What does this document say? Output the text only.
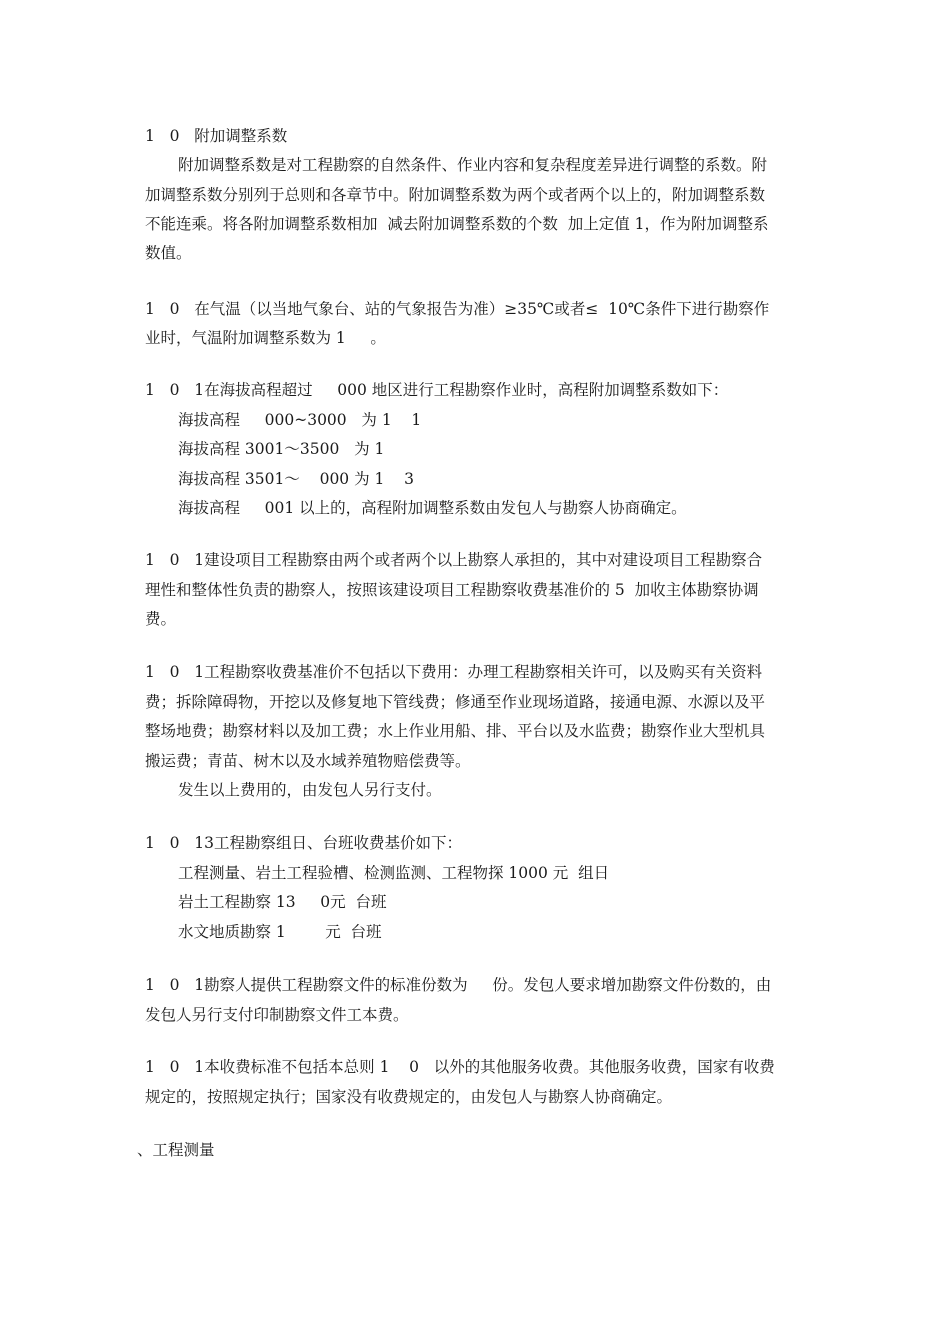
1   0   附加调整系数

附加调整系数是对工程勘察的自然条件、作业内容和复杂程度差异进行调整的系数。附

加调整系数分别列于总则和各章节中。附加调整系数为两个或者两个以上的，附加调整系数

不能连乘。将各附加调整系数相加  减去附加调整系数的个数  加上定值 1，作为附加调整系

数值。

1   0   在气温（以当地气象台、站的气象报告为准）≥35℃或者≤  10℃条件下进行勘察作

业时，气温附加调整系数为 1     。

1   0   1在海拔高程超过     000 地区进行工程勘察作业时，高程附加调整系数如下：

海拔高程     000~3000   为 1    1

海拔高程 3001～3500   为 1

海拔高程 3501～    000 为 1    3

海拔高程     001 以上的，高程附加调整系数由发包人与勘察人协商确定。

1   0   1建设项目工程勘察由两个或者两个以上勘察人承担的，其中对建设项目工程勘察合

理性和整体性负责的勘察人，按照该建设项目工程勘察收费基准价的 5  加收主体勘察协调

费。

1   0   1工程勘察收费基准价不包括以下费用：办理工程勘察相关许可，以及购买有关资料

费；拆除障碍物，开挖以及修复地下管线费；修通至作业现场道路，接通电源、水源以及平

整场地费；勘察材料以及加工费；水上作业用船、排、平台以及水监费；勘察作业大型机具

搬运费；青苗、树木以及水域养殖物赔偿费等。

发生以上费用的，由发包人另行支付。

1   0   13工程勘察组日、台班收费基价如下：

工程测量、岩土工程验槽、检测监测、工程物探 1000 元  组日

岩土工程勘察 13     0元  台班

水文地质勘察 1        元  台班

1   0   1勘察人提供工程勘察文件的标准份数为     份。发包人要求增加勘察文件份数的，由

发包人另行支付印制勘察文件工本费。

1   0   1本收费标准不包括本总则 1    0   以外的其他服务收费。其他服务收费，国家有收费

规定的，按照规定执行；国家没有收费规定的，由发包人与勘察人协商确定。

、工程测量
